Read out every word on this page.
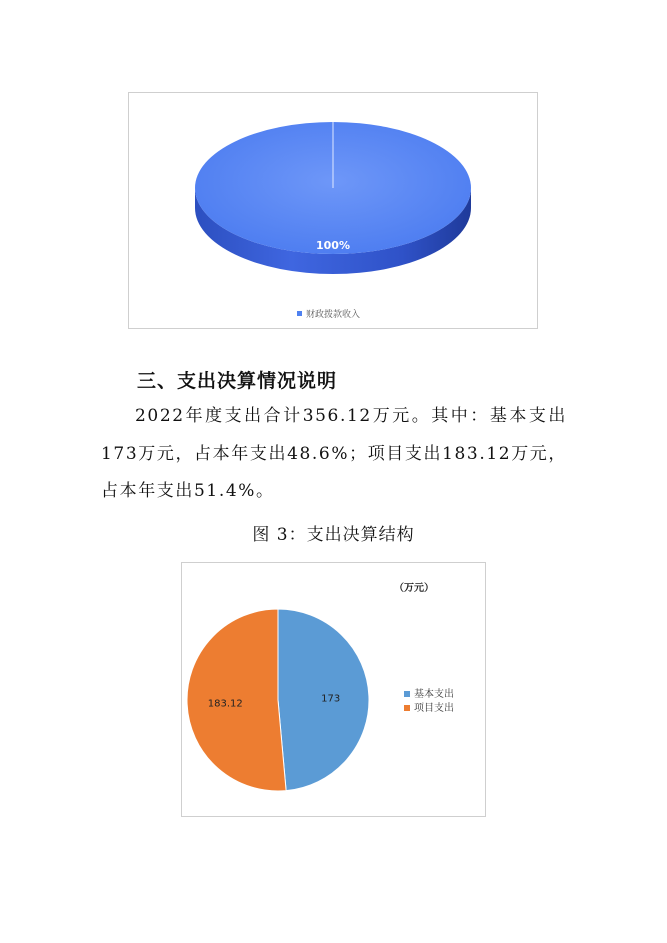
100%
财政拨款收入
三、支出决算情况说明
2022年度支出合计356.12万元。其中：基本支出173万元，占本年支出48.6%；项目支出183.12万元，占本年支出51.4%。
图 3：支出决算结构
（万元）
173
183.12
基本支出
项目支出
